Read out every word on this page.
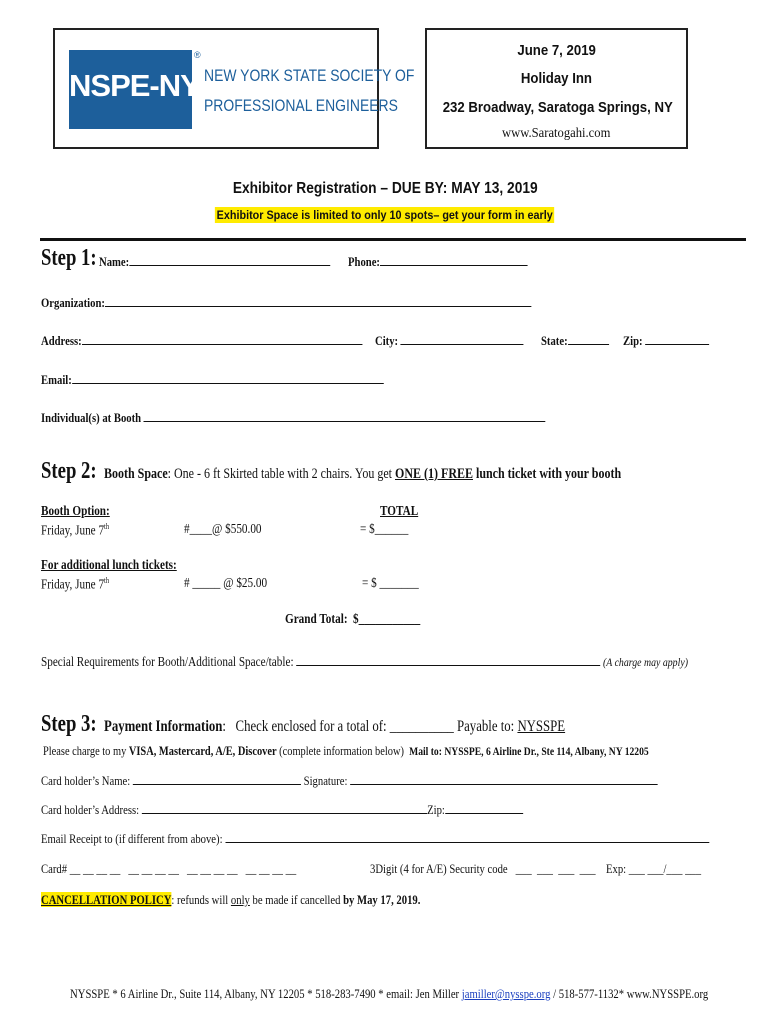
NSPE-NY
®
NEW YORK STATE SOCIETY OF
PROFESSIONAL ENGINEERS
June 7, 2019
Holiday Inn
232 Broadway, Saratoga Springs, NY
www.Saratogahi.com
Exhibitor Registration – DUE BY: MAY 13, 2019
Exhibitor Space is limited to only 10 spots– get your form in early
Step 1: Name:	Phone:
Organization:
Address:	City:	State:	Zip:
Email:
Individual(s) at Booth
Step 2: Booth Space: One - 6 ft Skirted table with 2 chairs. You get ONE (1) FREE lunch ticket with your booth
TOTAL
Booth Option:
Friday, June 7th	#____@ $550.00	= $______
For additional lunch tickets:
Friday, June 7th	# _____ @ $25.00	= $ _______
Grand Total: $___________
Special Requirements for Booth/Additional Space/table:	(A charge may apply)
Step 3: Payment Information:   Check enclosed for a total of: __________ Payable to: NYSSPE
Please charge to my VISA, Mastercard, A/E, Discover (complete information below) Mail to: NYSSPE, 6 Airline Dr., Ste 114, Albany, NY 12205
Card holder’s Name:	Signature:
Card holder’s Address:	Zip:
Email Receipt to (if different from above):
Card# __ __ __ __   __ __ __ __   __ __ __ __   __ __ __ __	3Digit (4 for A/E) Security code ___  ___  ___  ___ Exp: ___ ___/___ ___
CANCELLATION POLICY: refunds will only be made if cancelled by May 17, 2019.
NYSSPE * 6 Airline Dr., Suite 114, Albany, NY 12205 * 518-283-7490 * email: Jen Miller jamiller@nysspe.org / 518-577-1132* www.NYSSPE.org
